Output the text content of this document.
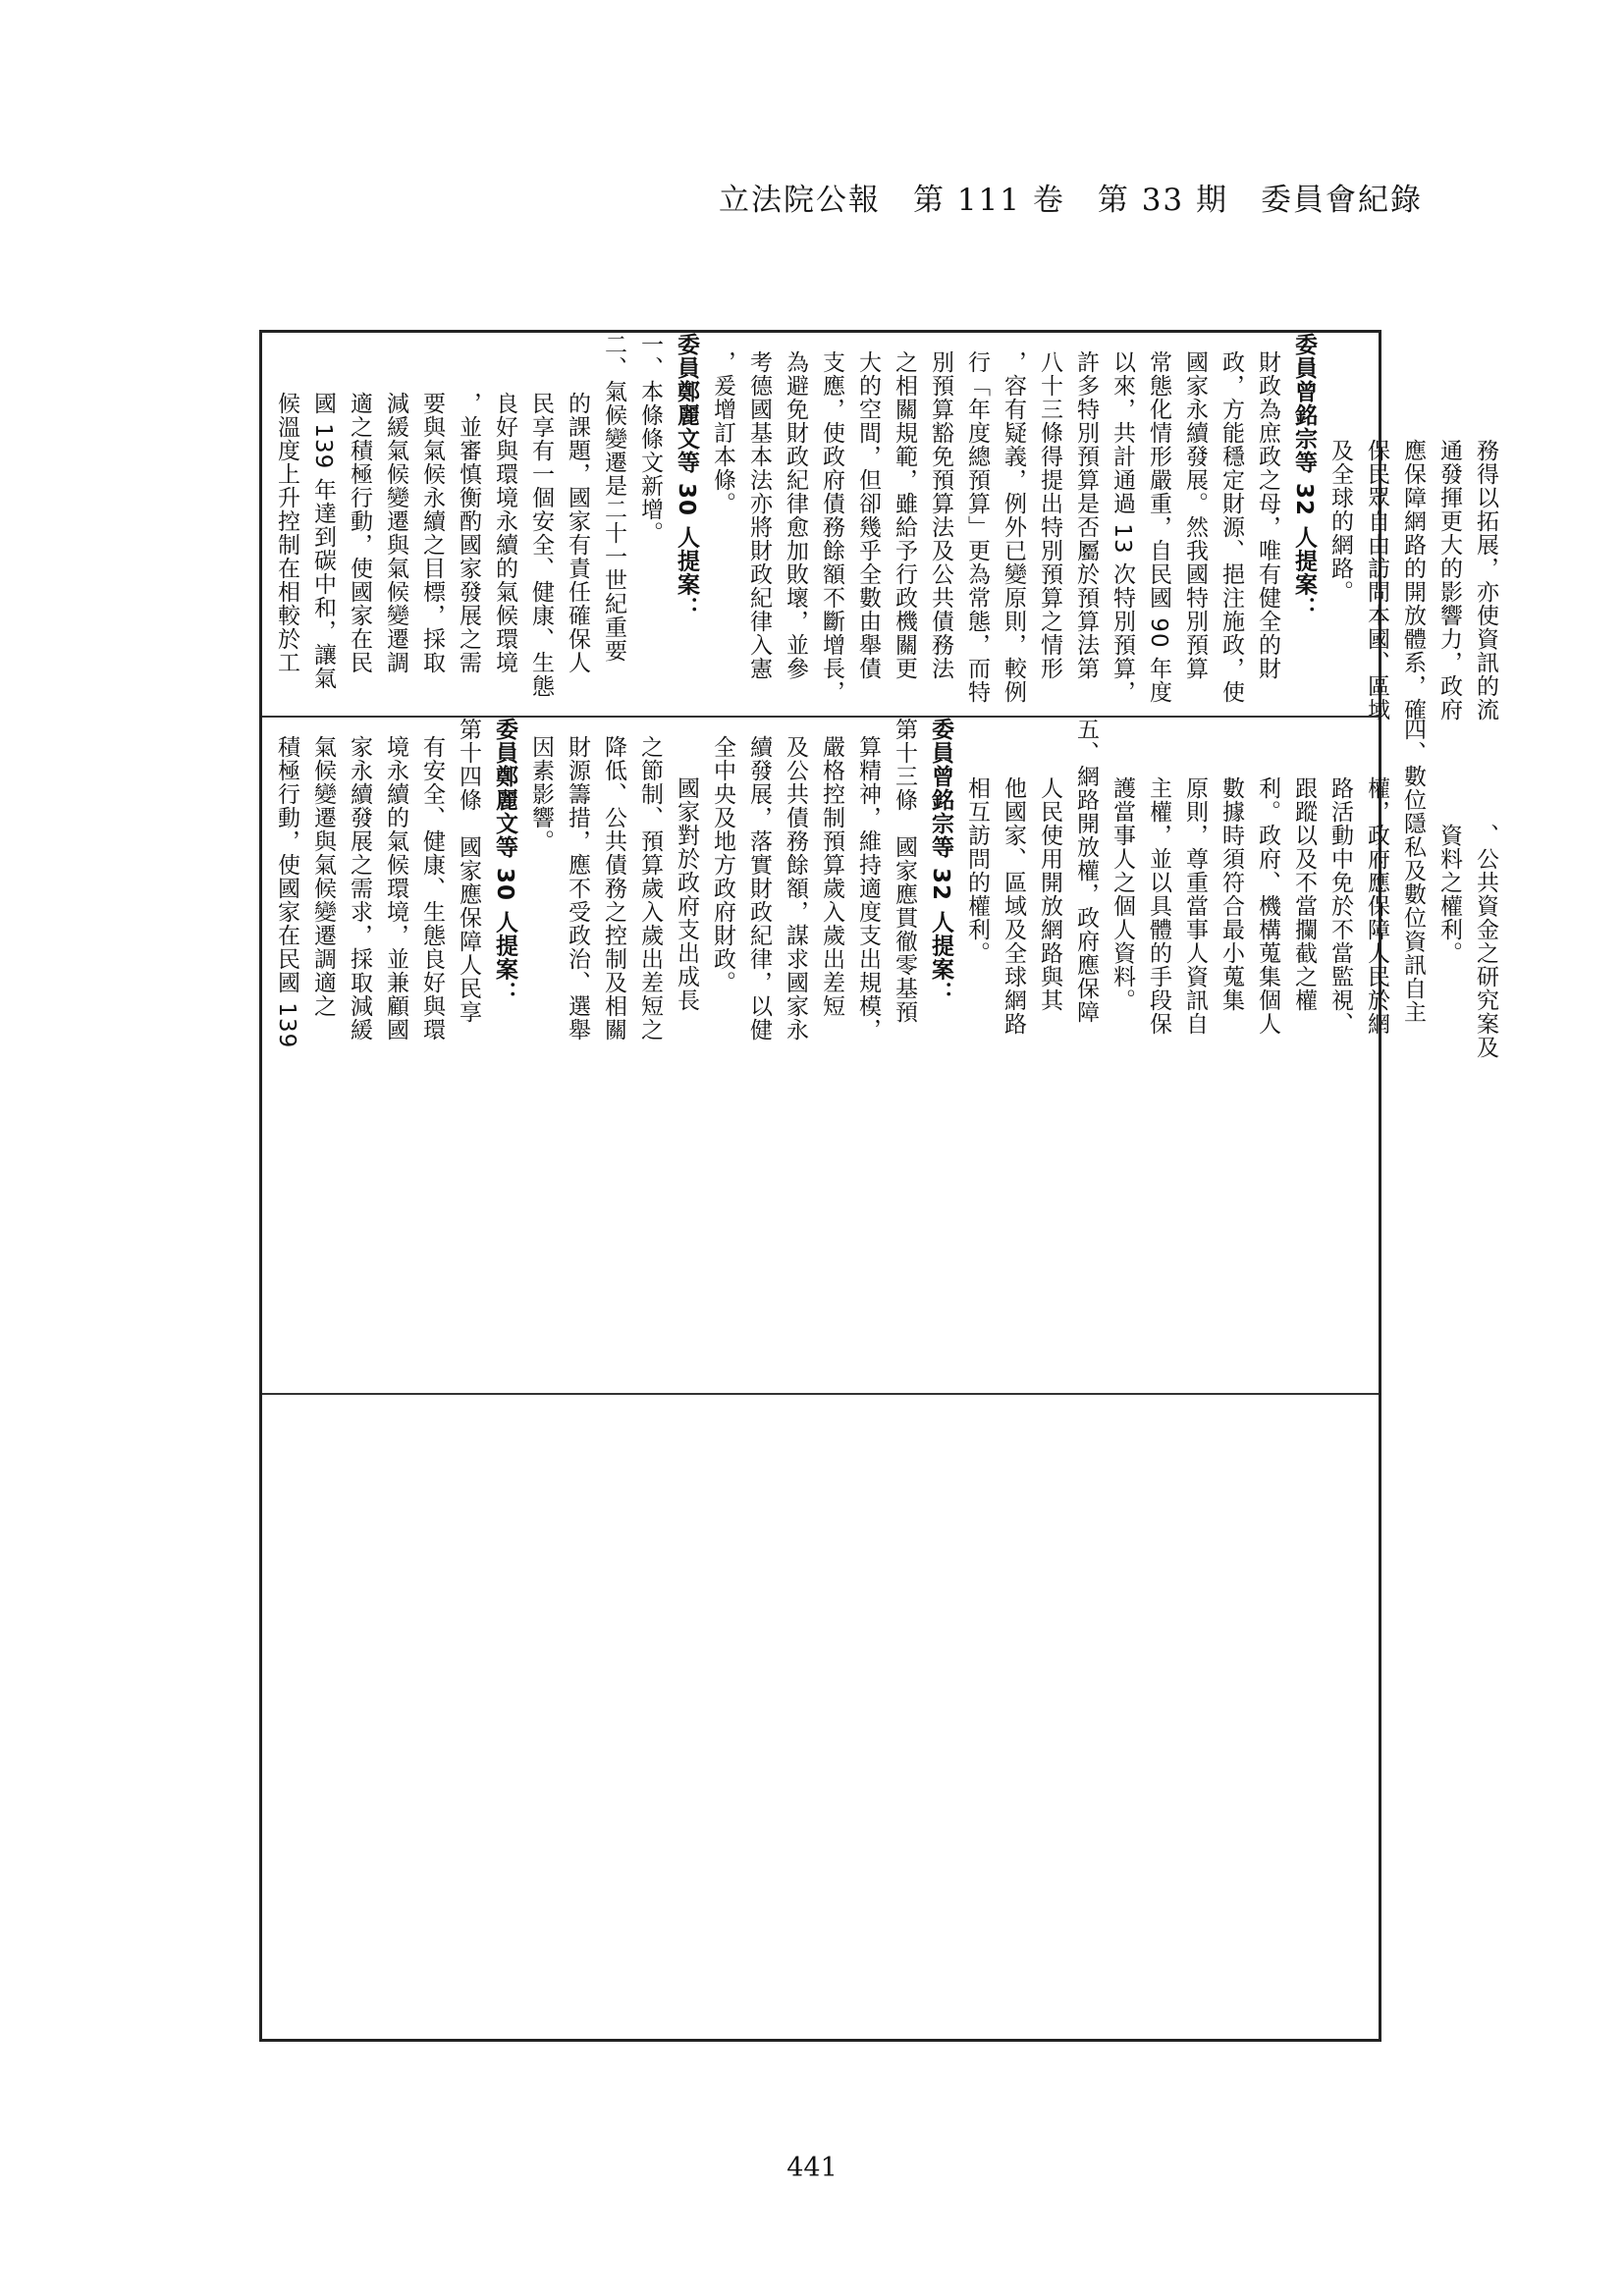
立法院公報　第 111 卷　第 33 期　委員會紀錄
務得以拓展，亦使資訊的流
通發揮更大的影響力，政府
應保障網路的開放體系，確
保民眾自由訪問本國、區域
及全球的網路。
委員曾銘宗等 32 人提案：
財政為庶政之母，唯有健全的財
政，方能穩定財源、挹注施政，使
國家永續發展。然我國特別預算
常態化情形嚴重，自民國 90 年度
以來，共計通過 13 次特別預算，
許多特別預算是否屬於預算法第
八十三條得提出特別預算之情形
，容有疑義，例外已變原則，較例
行「年度總預算」更為常態，而特
別預算豁免預算法及公共債務法
之相關規範，雖給予行政機關更
大的空間，但卻幾乎全數由舉債
支應，使政府債務餘額不斷增長，
為避免財政紀律愈加敗壞，並參
考德國基本法亦將財政紀律入憲
，爰增訂本條。
委員鄭麗文等 30 人提案：
一、本條條文新增。
二、氣候變遷是二十一世紀重要
的課題，國家有責任確保人
民享有一個安全、健康、生態
良好與環境永續的氣候環境
，並審慎衡酌國家發展之需
要與氣候永續之目標，採取
減緩氣候變遷與氣候變遷調
適之積極行動，使國家在民
國 139 年達到碳中和，讓氣
候溫度上升控制在相較於工
、公共資金之研究案及
資料之權利。
四、數位隱私及數位資訊自主
權，政府應保障人民於網
路活動中免於不當監視、
跟蹤以及不當攔截之權
利。政府、機構蒐集個人
數據時須符合最小蒐集
原則，尊重當事人資訊自
主權，並以具體的手段保
護當事人之個人資料。
五、網路開放權，政府應保障
人民使用開放網路與其
他國家、區域及全球網路
相互訪問的權利。
委員曾銘宗等 32 人提案：
第十三條　國家應貫徹零基預
算精神，維持適度支出規模，
嚴格控制預算歲入歲出差短
及公共債務餘額，謀求國家永
續發展，落實財政紀律，以健
全中央及地方政府財政。
國家對於政府支出成長
之節制、預算歲入歲出差短之
降低、公共債務之控制及相關
財源籌措，應不受政治、選舉
因素影響。
委員鄭麗文等 30 人提案：
第十四條　國家應保障人民享
有安全、健康、生態良好與環
境永續的氣候環境，並兼顧國
家永續發展之需求，採取減緩
氣候變遷與氣候變遷調適之
積極行動，使國家在民國 139
441
